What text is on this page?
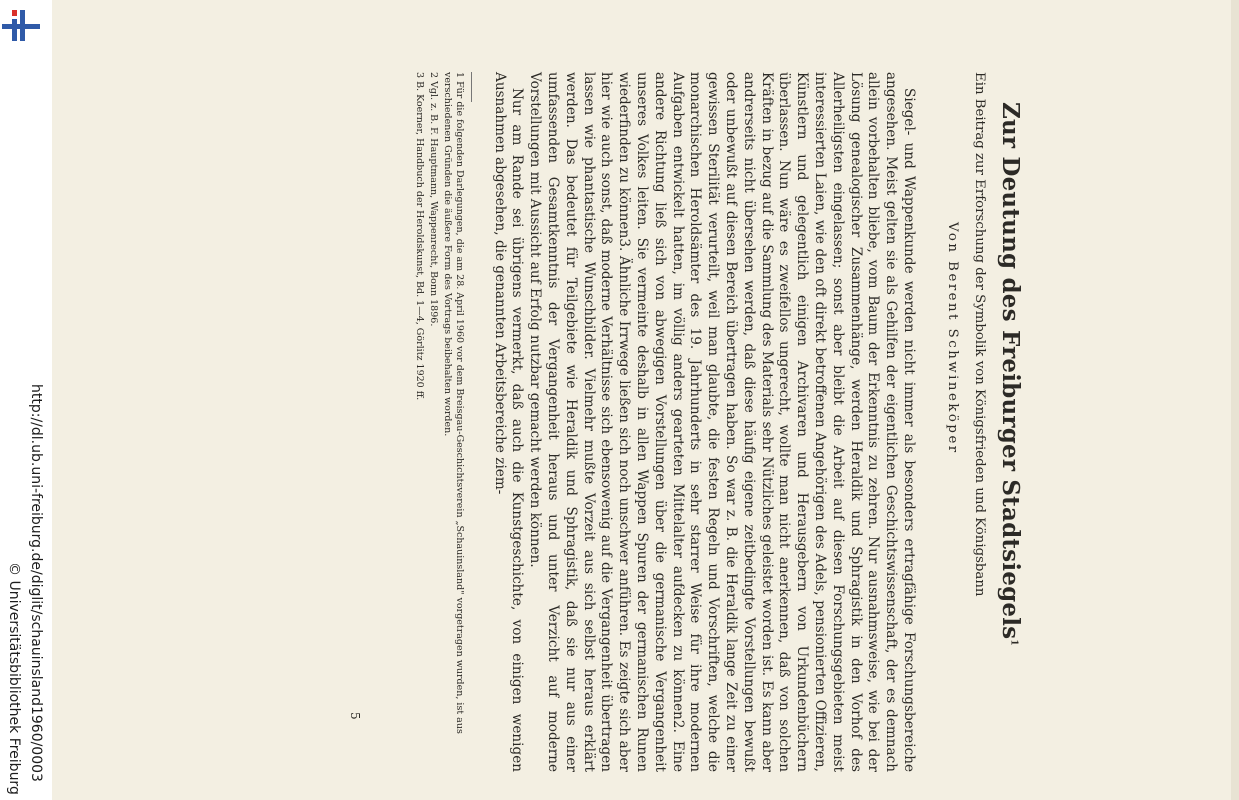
http://dl.ub.uni-freiburg.de/diglit/schauinsland1960/0003
© Universitätsbibliothek Freiburg
Zur Deutung des Freiburger Stadtsiegels$^1$
Ein Beitrag zur Erforschung der Symbolik von Königsfrieden und Königsbann
Von Berent Schwineköper

Siegel- und Wappenkunde werden nicht immer als besonders ertragfähige Forschungsbereiche angesehen. Meist gelten sie als Gehilfen der eigentlichen Geschichtswissenschaft, der es demnach allein vorbehalten bliebe, vom Baum der Erkenntnis zu zehren. Nur ausnahmsweise, wie bei der Lösung genealogischer Zusammenhänge, werden Heraldik und Sphragistik in den Vorhof des Allerheiligsten eingelassen; sonst aber bleibt die Arbeit auf diesen Forschungsgebieten meist interessierten Laien, wie den oft direkt betroffenen Angehörigen des Adels, pensionierten Offizieren, Künstlern und gelegentlich einigen Archivaren und Herausgebern von Urkundenbüchern überlassen. Nun wäre es zweifellos ungerecht, wollte man nicht anerkennen, daß von solchen Kräften in bezug auf die Sammlung des Materials sehr Nützliches geleistet worden ist. Es kann aber andrerseits nicht übersehen werden, daß diese häufig eigene zeitbedingte Vorstellungen bewußt oder unbewußt auf diesen Bereich übertragen haben. So war z. B. die Heraldik lange Zeit zu einer gewissen Sterilität verurteilt, weil man glaubte, die festen Regeln und Vorschriften, welche die monarchischen Heroldsämter des 19. Jahrhunderts in sehr starrer Weise für ihre modernen Aufgaben entwickelt hatten, im völlig anders gearteten Mittelalter aufdecken zu können2. Eine andere Richtung ließ sich von abwegigen Vorstellungen über die germanische Vergangenheit unseres Volkes leiten. Sie vermeinte deshalb in allen Wappen Spuren der germanischen Runen wiederfinden zu können3. Ähnliche Irrwege ließen sich noch unschwer anführen. Es zeigte sich aber hier wie auch sonst, daß moderne Verhältnisse sich ebensowenig auf die Vergangenheit übertragen lassen wie phantastische Wunschbilder. Vielmehr mußte Vorzeit aus sich selbst heraus erklärt werden. Das bedeutet für Teilgebiete wie Heraldik und Sphragistik, daß sie nur aus einer umfassenden Gesamtkenntnis der Vergangenheit heraus und unter Verzicht auf moderne Vorstellungen mit Aussicht auf Erfolg nutzbar gemacht werden können.

Nur am Rande sei übrigens vermerkt, daß auch die Kunstgeschichte, von einigen wenigen Ausnahmen abgesehen, die genannten Arbeitsbereiche ziem-

1 Für die folgenden Darlegungen, die am 28. April 1960 vor dem Breisgau-Geschichtsverein „Schauinsland" vorgetragen wurden, ist aus verschiedenen Gründen die äußere Form des Vortrags beibehalten worden.
2 Vgl. z. B. F. Hauptmann, Wappenrecht, Bonn 1896.
3 B. Koerner, Handbuch der Heroldskunst, Bd. 1—4, Görlitz 1920 ff.
5
